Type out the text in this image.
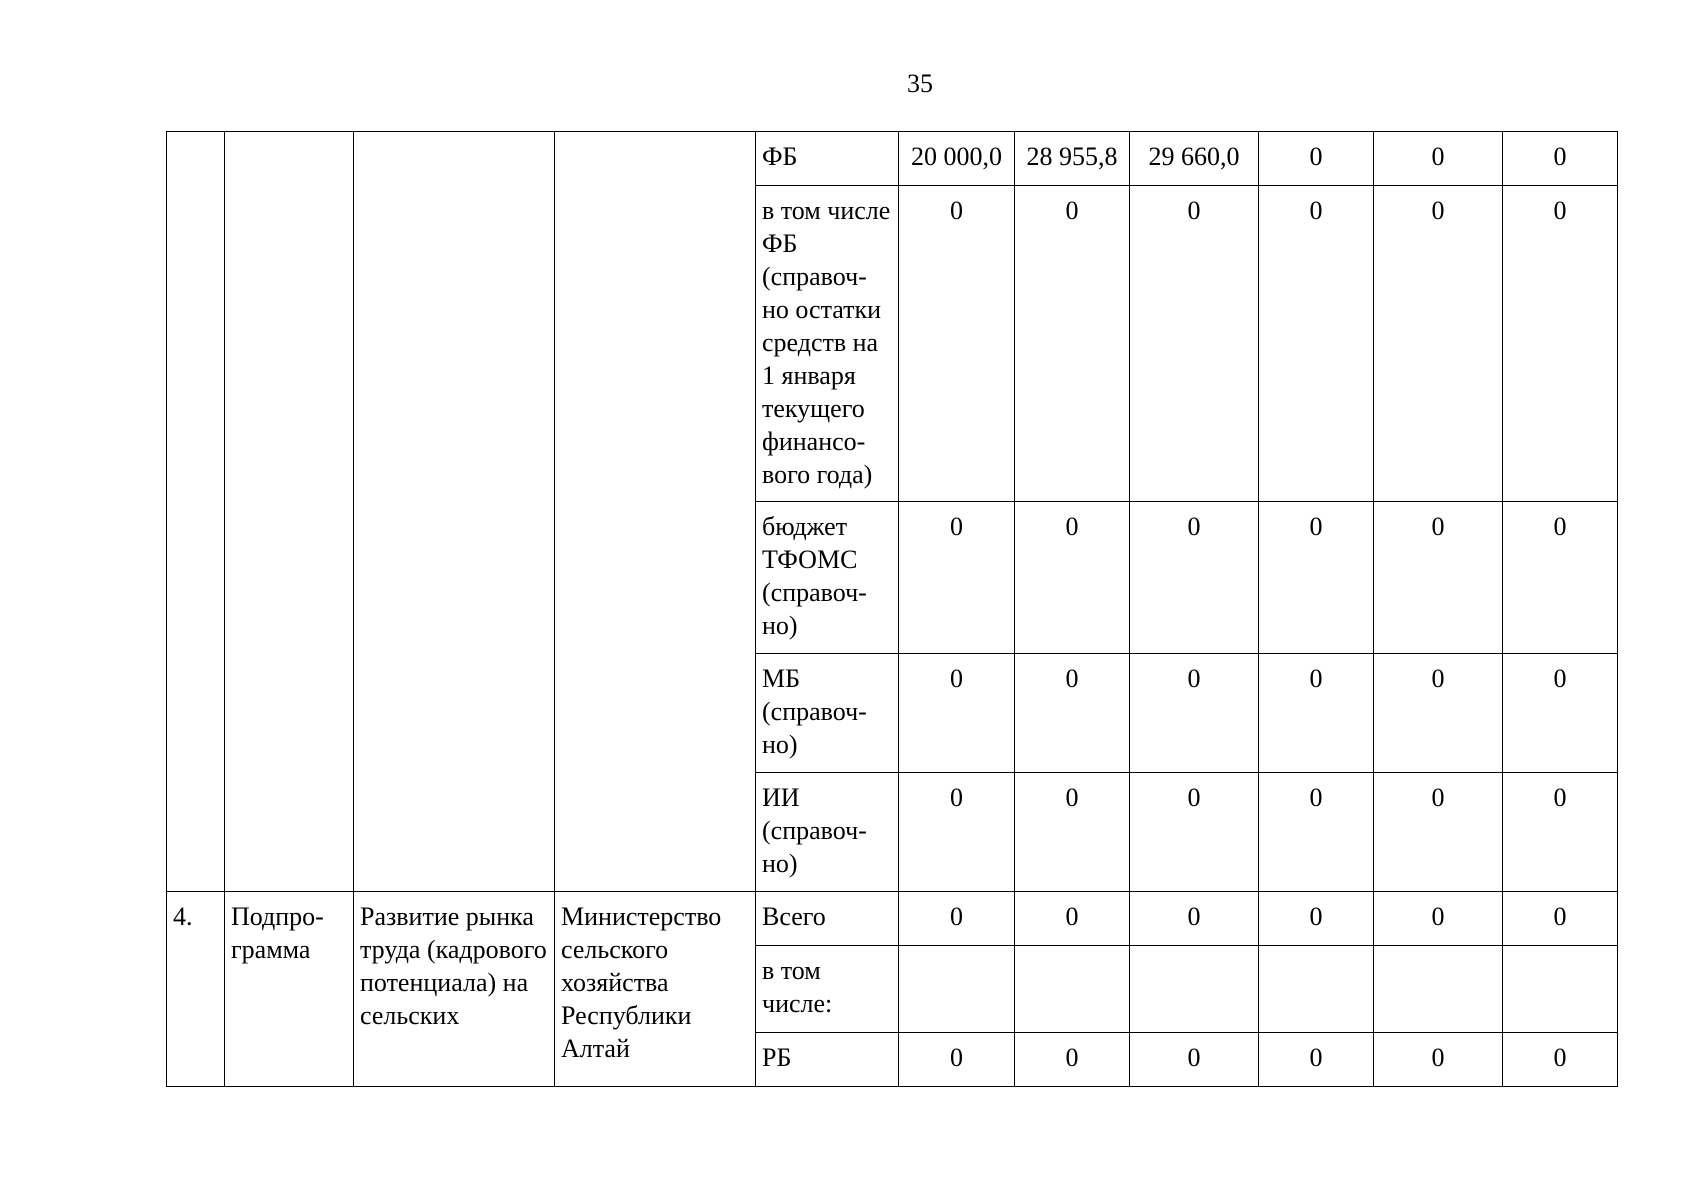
35
				ФБ	20 000,0	28 955,8	29 660,0	0	0	0
				в том числе ФБ (справоч-но остатки средств на 1 января текущего финансо-вого года)	0	0	0	0	0	0
				бюджет ТФОМС (справоч-но)	0	0	0	0	0	0
				МБ (справоч-но)	0	0	0	0	0	0
				ИИ (справоч-но)	0	0	0	0	0	0
4.	Подпро-грамма	Развитие рынка труда (кадрового потенциала) на сельских	Министерство сельского хозяйства Республики Алтай	Всего	0	0	0	0	0	0
				в том числе:						
				РБ	0	0	0	0	0	0
